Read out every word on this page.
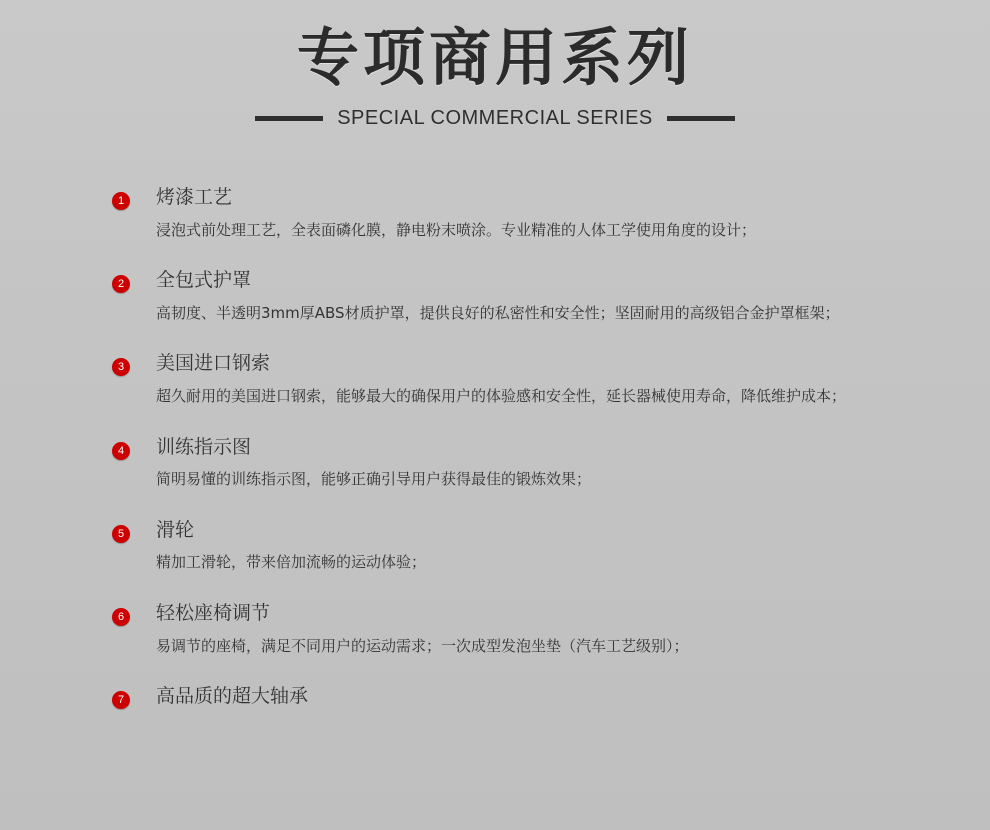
专项商用系列
SPECIAL COMMERCIAL SERIES
1	烤漆工艺

浸泡式前处理工艺，全表面磷化膜，静电粉末喷涂。专业精准的人体工学使用角度的设计；

2	全包式护罩

高韧度、半透明3mm厚ABS材质护罩，提供良好的私密性和安全性；坚固耐用的高级铝合金护罩框架；

3	美国进口钢索

超久耐用的美国进口钢索，能够最大的确保用户的体验感和安全性，延长器械使用寿命，降低维护成本；

4	训练指示图

简明易懂的训练指示图，能够正确引导用户获得最佳的锻炼效果；

5	滑轮

精加工滑轮，带来倍加流畅的运动体验；

6	轻松座椅调节

易调节的座椅，满足不同用户的运动需求；一次成型发泡坐垫（汽车工艺级别）；

7	高品质的超大轴承
